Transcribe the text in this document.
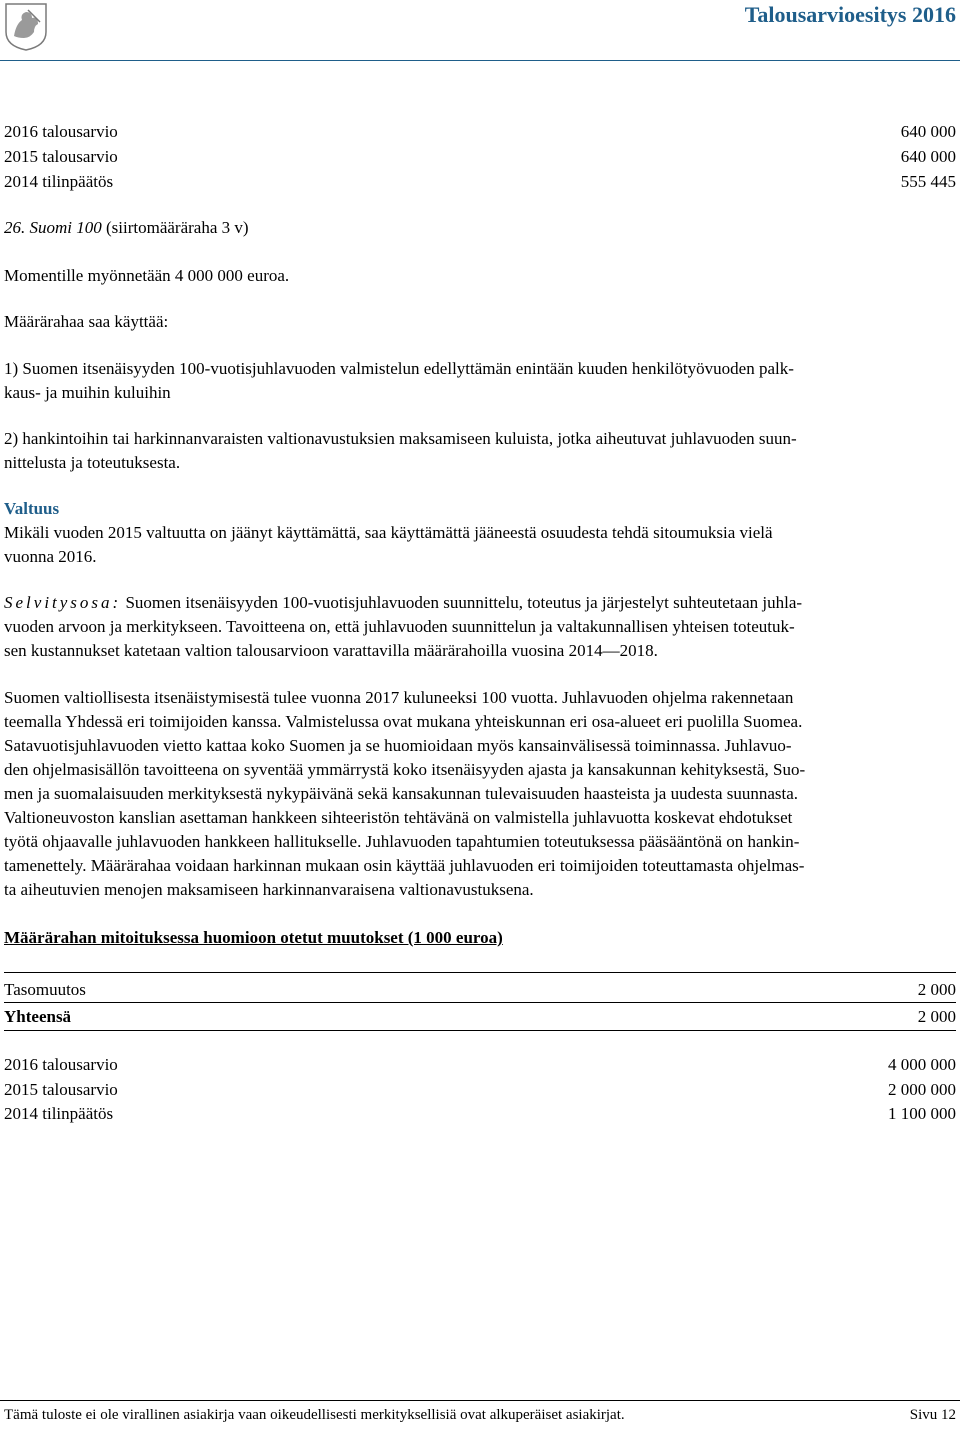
Talousarvioesitys 2016
2016 talousarvio	640 000
2015 talousarvio	640 000
2014 tilinpäätös	555 445
26. Suomi 100 (siirtomääräraha 3 v)
Momentille myönnetään 4 000 000 euroa.
Määrärahaa saa käyttää:
1) Suomen itsenäisyyden 100-vuotisjuhlavuoden valmistelun edellyttämän enintään kuuden henkilötyövuoden palk-
kaus- ja muihin kuluihin
2) hankintoihin tai harkinnanvaraisten valtionavustuksien maksamiseen kuluista, jotka aiheutuvat juhlavuoden suun-
nittelusta ja toteutuksesta.
Valtuus
Mikäli vuoden 2015 valtuutta on jäänyt käyttämättä, saa käyttämättä jääneestä osuudesta tehdä sitoumuksia vielä
vuonna 2016.
Selvitysosa: Suomen itsenäisyyden 100-vuotisjuhlavuoden suunnittelu, toteutus ja järjestelyt suhteutetaan juhla-
vuoden arvoon ja merkitykseen. Tavoitteena on, että juhlavuoden suunnittelun ja valtakunnallisen yhteisen toteutuk-
sen kustannukset katetaan valtion talousarvioon varattavilla määrärahoilla vuosina 2014—2018.
Suomen valtiollisesta itsenäistymisestä tulee vuonna 2017 kuluneeksi 100 vuotta. Juhlavuoden ohjelma rakennetaan
teemalla Yhdessä eri toimijoiden kanssa. Valmistelussa ovat mukana yhteiskunnan eri osa-alueet eri puolilla Suomea.
Satavuotisjuhlavuoden vietto kattaa koko Suomen ja se huomioidaan myös kansainvälisessä toiminnassa. Juhlavuo-
den ohjelmasisällön tavoitteena on syventää ymmärrystä koko itsenäisyyden ajasta ja kansakunnan kehityksestä, Suo-
men ja suomalaisuuden merkityksestä nykypäivänä sekä kansakunnan tulevaisuuden haasteista ja uudesta suunnasta.
Valtioneuvoston kanslian asettaman hankkeen sihteeristön tehtävänä on valmistella juhlavuotta koskevat ehdotukset
työtä ohjaavalle juhlavuoden hankkeen hallitukselle. Juhlavuoden tapahtumien toteutuksessa pääsääntönä on hankin-
tamenettely. Määrärahaa voidaan harkinnan mukaan osin käyttää juhlavuoden eri toimijoiden toteuttamasta ohjelmas-
ta aiheutuvien menojen maksamiseen harkinnanvaraisena valtionavustuksena.
Määrärahan mitoituksessa huomioon otetut muutokset (1 000 euroa)
Tasomuutos	2 000
Yhteensä	2 000
2016 talousarvio	4 000 000
2015 talousarvio	2 000 000
2014 tilinpäätös	1 100 000
Tämä tuloste ei ole virallinen asiakirja vaan oikeudellisesti merkityksellisiä ovat alkuperäiset asiakirjat.	Sivu 12
